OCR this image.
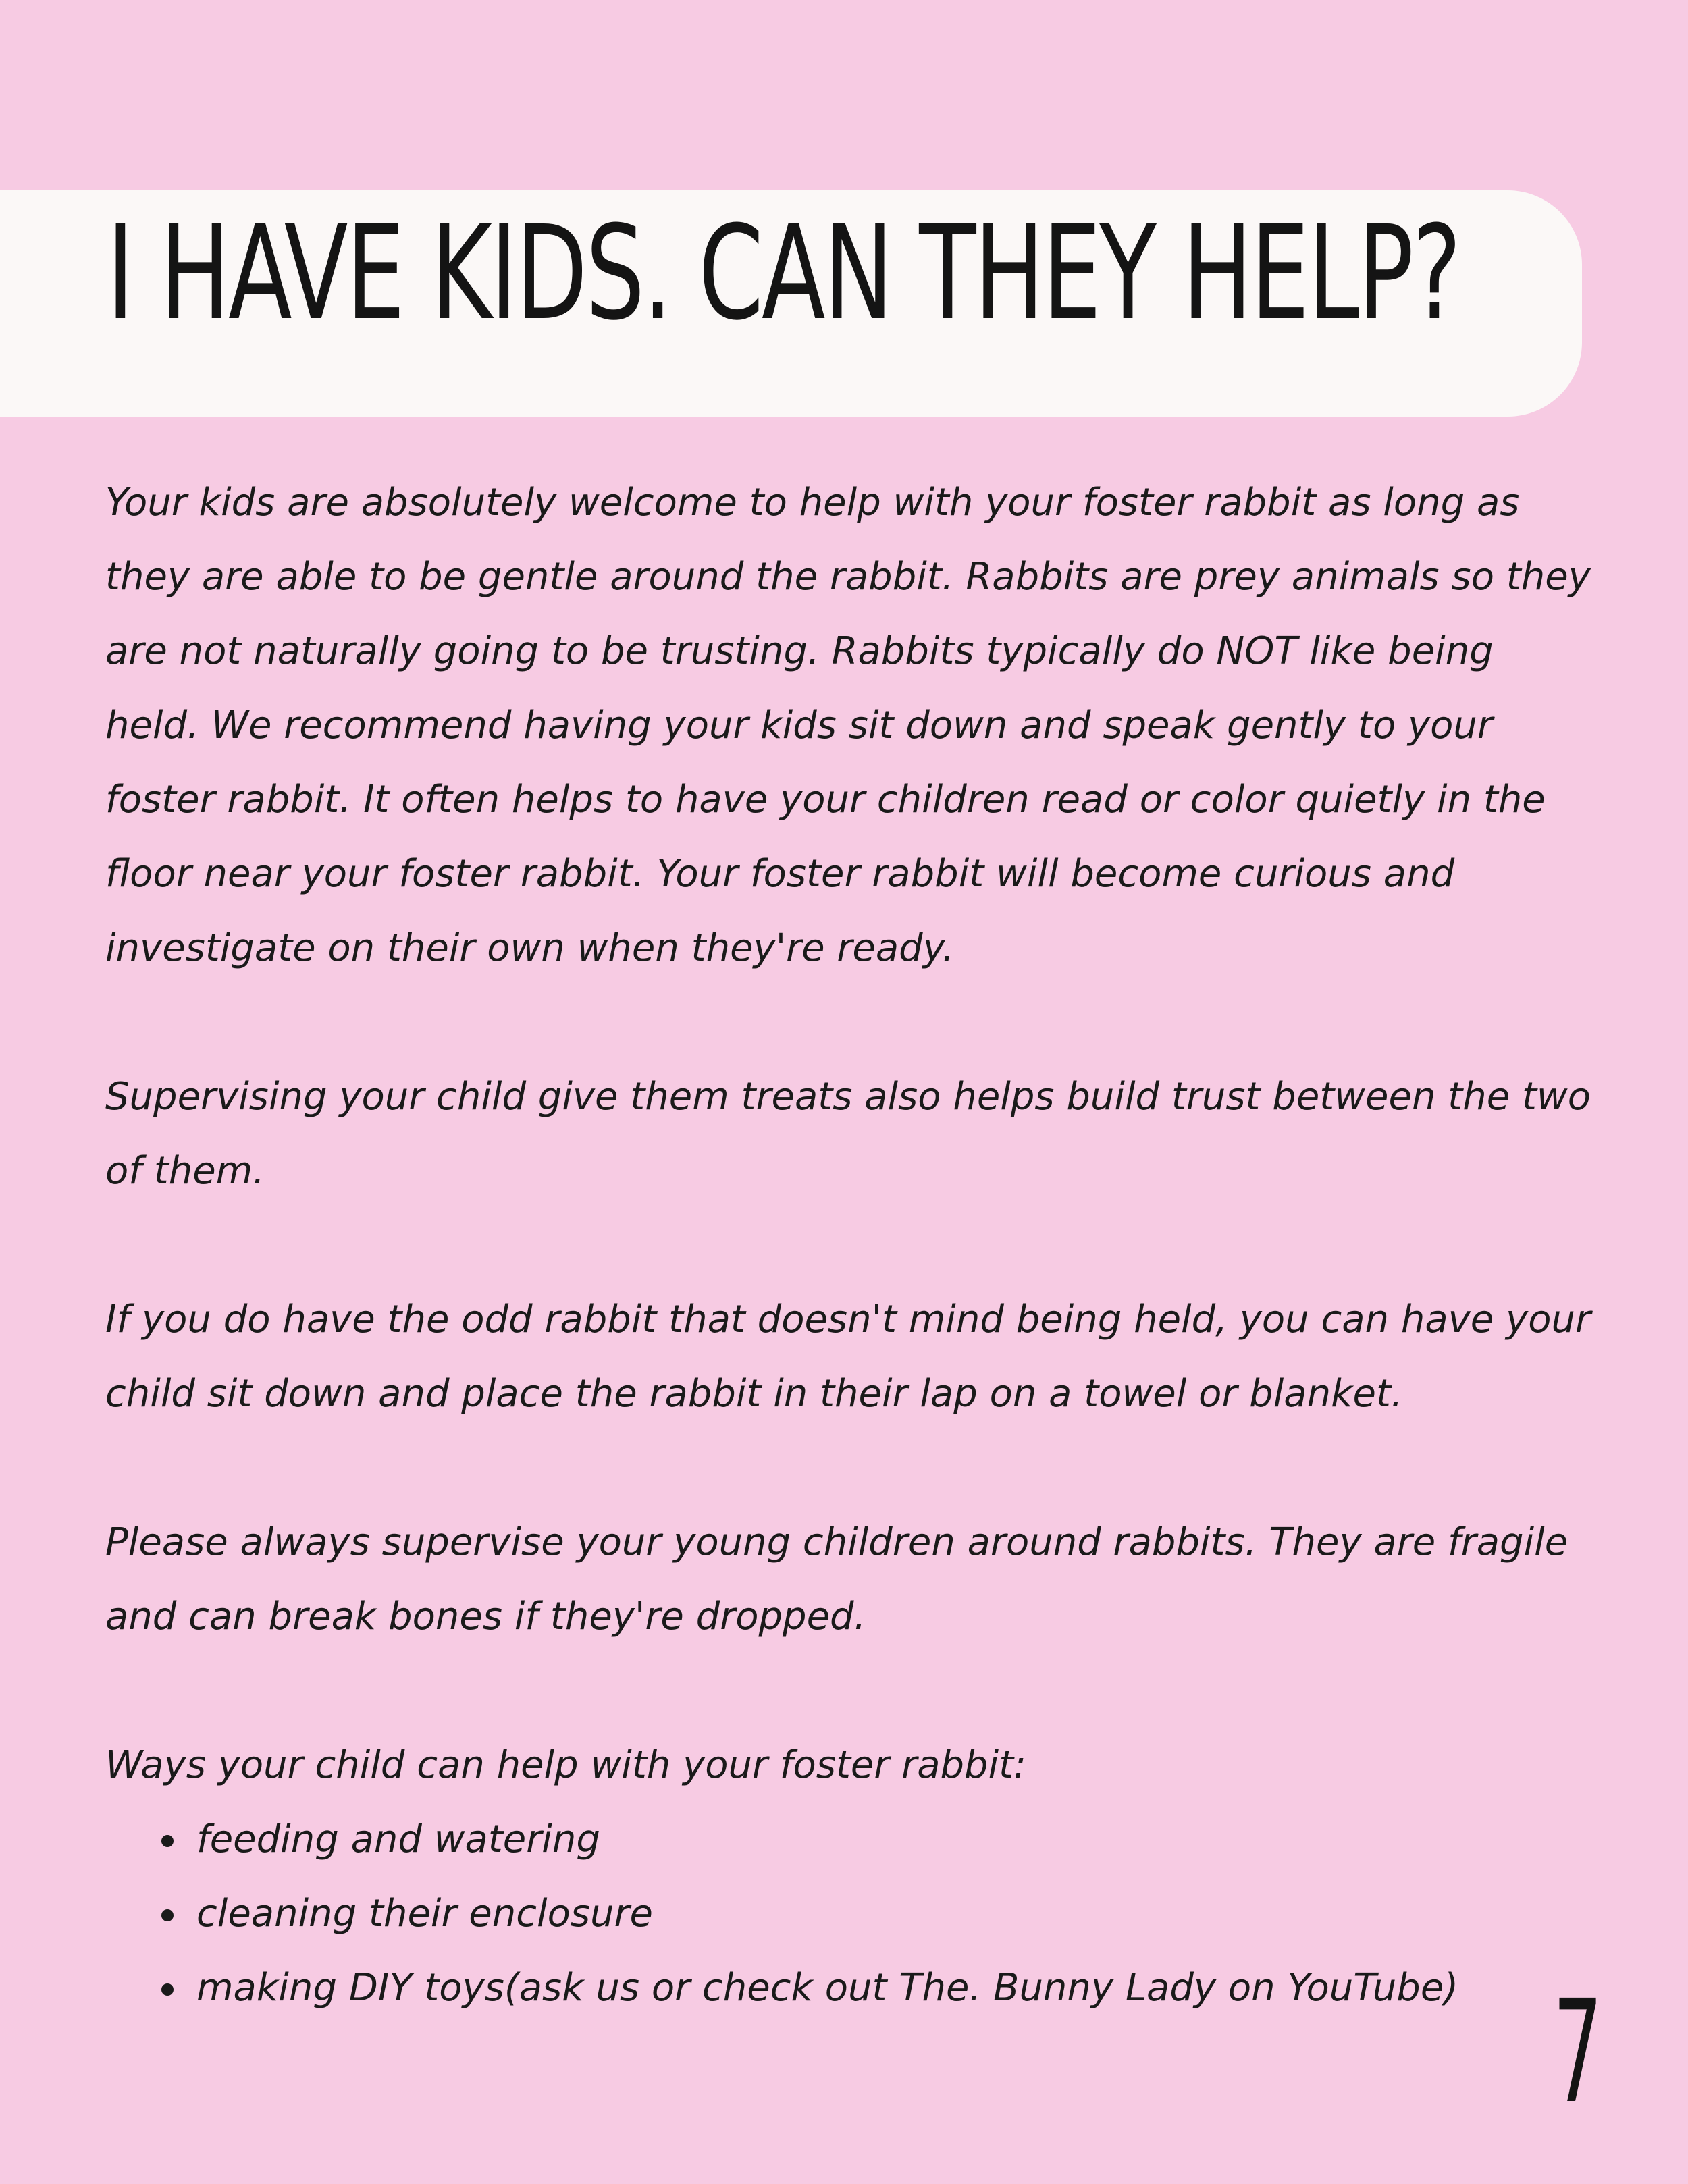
I HAVE KIDS. CAN THEY HELP?

Your kids are absolutely welcome to help with your foster rabbit as long as they are able to be gentle around the rabbit. Rabbits are prey animals so they are not naturally going to be trusting. Rabbits typically do NOT like being held. We recommend having your kids sit down and speak gently to your foster rabbit. It often helps to have your children read or color quietly in the floor near your foster rabbit. Your foster rabbit will become curious and investigate on their own when they're ready.

Supervising your child give them treats also helps build trust between the two of them.

If you do have the odd rabbit that doesn't mind being held, you can have your child sit down and place the rabbit in their lap on a towel or blanket.

Please always supervise your young children around rabbits. They are fragile and can break bones if they're dropped.

Ways your child can help with your foster rabbit:

feeding and watering
cleaning their enclosure
making DIY toys(ask us or check out The. Bunny Lady on YouTube) 7
